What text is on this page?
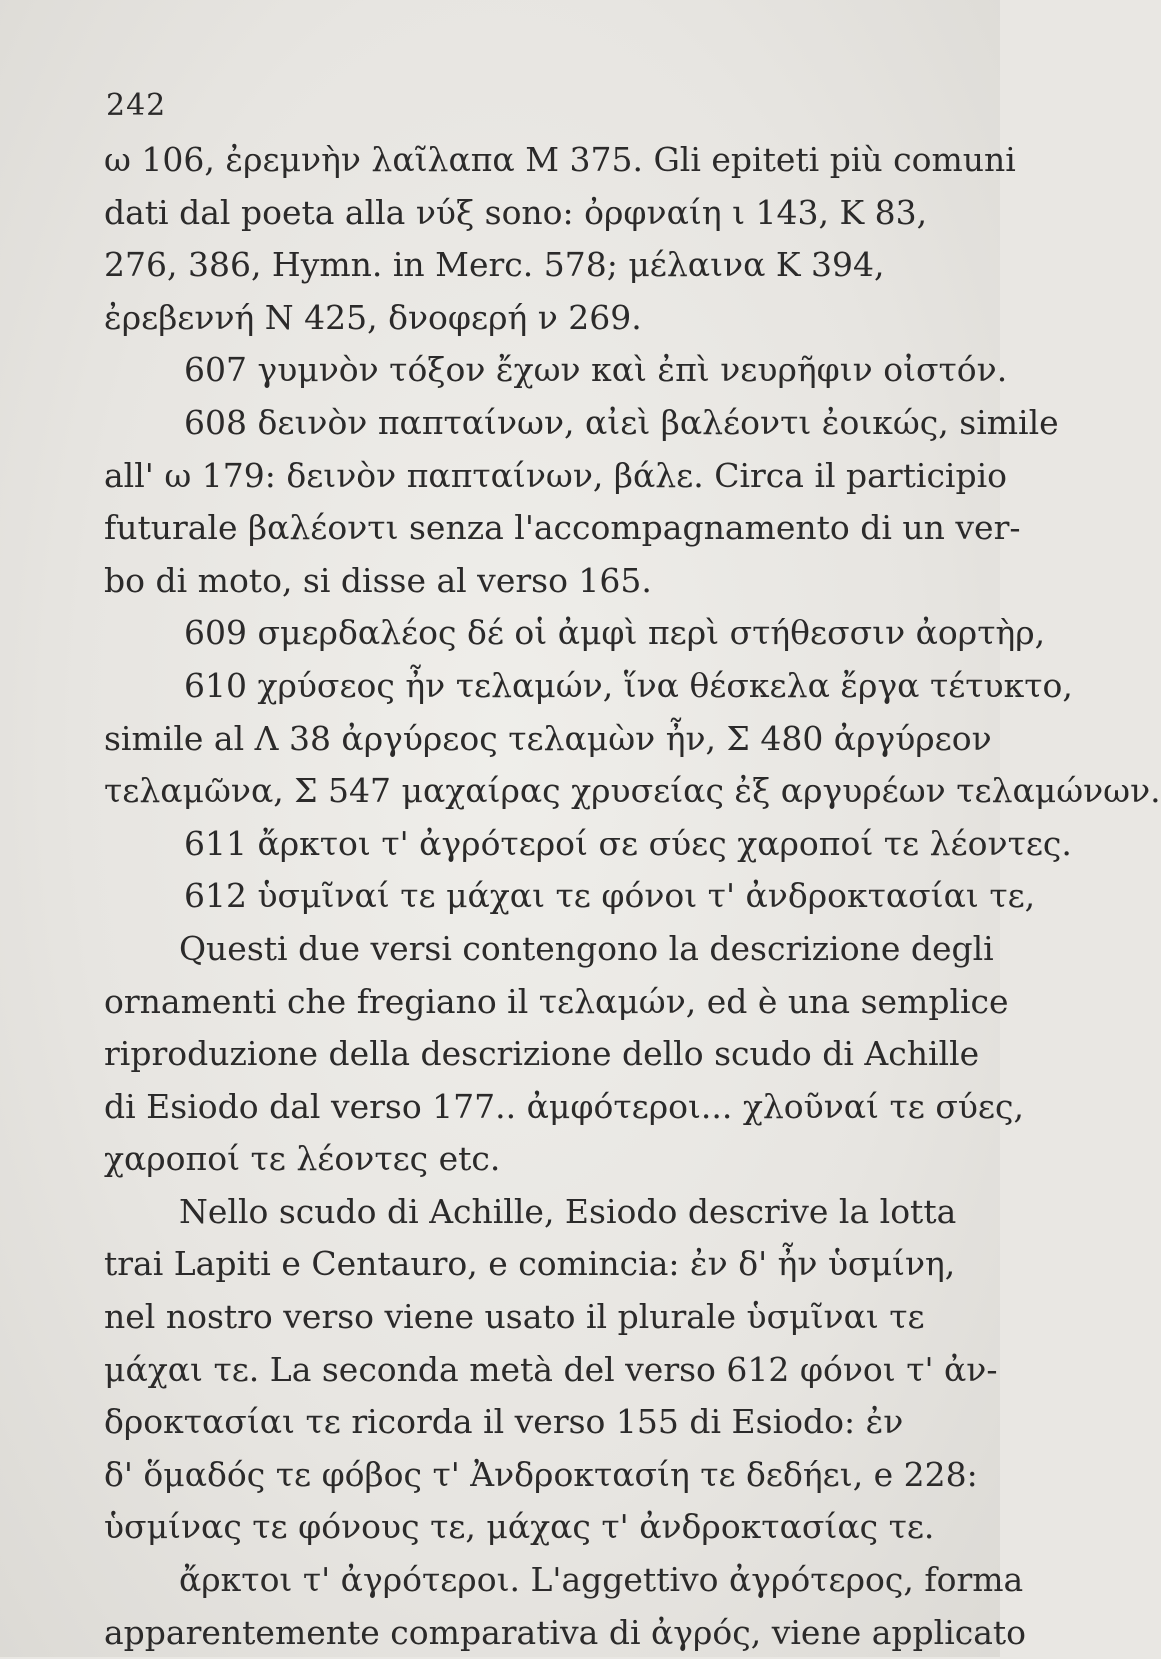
242
ω 106, ἐρεμνὴν λαῖλαπα M 375. Gli epiteti più comuni
dati dal poeta alla νύξ sono: ὀρφναίη ι 143, K 83,
276, 386, Hymn. in Merc. 578; μέλαινα K 394,
ἐρεβεννή N 425, δνοφερή ν 269.
607 γυμνὸν τόξον ἔχων καὶ ἐπὶ νευρῆφιν οἰστόν.
608 δεινὸν παπταίνων, αἰεὶ βαλέοντι ἐοικώς, simile
all' ω 179: δεινὸν παπταίνων, βάλε. Circa il participio
futurale βαλέοντι senza l'accompagnamento di un ver-
bo di moto, si disse al verso 165.
609 σμερδαλέος δέ οἱ ἀμφὶ περὶ στήθεσσιν ἀορτὴρ,
610 χρύσεος ἦν τελαμών, ἵνα θέσκελα ἔργα τέτυκτο,
simile al Λ 38 ἀργύρεος τελαμὼν ἦν, Σ 480 ἀργύρεον
τελαμῶνα, Σ 547 μαχαίρας χρυσείας ἐξ αργυρέων τελαμώνων.
611 ἄρκτοι τ' ἀγρότεροί σε σύες χαροποί τε λέοντες.
612 ὑσμῖναί τε μάχαι τε φόνοι τ' ἀνδροκτασίαι τε,
Questi due versi contengono la descrizione degli
ornamenti che fregiano il τελαμών, ed è una semplice
riproduzione della descrizione dello scudo di Achille
di Esiodo dal verso 177.. ἀμφότεροι... χλοῦναί τε σύες,
χαροποί τε λέοντες etc.
Nello scudo di Achille, Esiodo descrive la lotta
trai Lapiti e Centauro, e comincia: ἐν δ' ἦν ὑσμίνη,
nel nostro verso viene usato il plurale ὑσμῖναι τε
μάχαι τε. La seconda metà del verso 612 φόνοι τ' ἀν-
δροκτασίαι τε ricorda il verso 155 di Esiodo: ἐν
δ' ὅμαδός τε φόβος τ' Ἀνδροκτασίη τε δεδήει, e 228:
ὑσμίνας τε φόνους τε, μάχας τ' ἀνδροκτασίας τε.
ἄρκτοι τ' ἀγρότεροι. L'aggettivo ἀγρότερος, forma
apparentemente comparativa di ἀγρός, viene applicato
